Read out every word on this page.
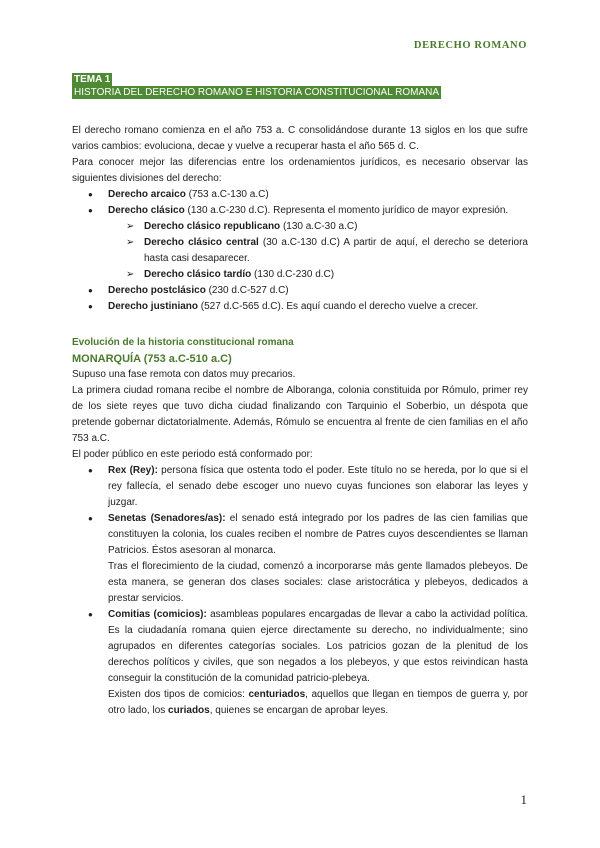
DERECHO ROMANO
TEMA 1
HISTORIA DEL DERECHO ROMANO E HISTORIA CONSTITUCIONAL ROMANA

El derecho romano comienza en el año 753 a. C consolidándose durante 13 siglos en los que sufre varios cambios: evoluciona, decae y vuelve a recuperar hasta el año 565 d. C.

Para conocer mejor las diferencias entre los ordenamientos jurídicos, es necesario observar las siguientes divisiones del derecho:

● Derecho arcaico (753 a.C-130 a.C)
● Derecho clásico (130 a.C-230 d.C). Representa el momento jurídico de mayor expresión.
➢ Derecho clásico republicano (130 a.C-30 a.C)
➢ Derecho clásico central (30 a.C-130 d.C) A partir de aquí, el derecho se deteriora hasta casi desaparecer.
➢ Derecho clásico tardío (130 d.C-230 d.C)
● Derecho postclásico (230 d.C-527 d.C)
● Derecho justiniano (527 d.C-565 d.C). Es aquí cuando el derecho vuelve a crecer.
Evolución de la historia constitucional romana
MONARQUÍA (753 a.C-510 a.C)

Supuso una fase remota con datos muy precarios.

La primera ciudad romana recibe el nombre de Alboranga, colonia constituida por Rómulo, primer rey de los siete reyes que tuvo dicha ciudad finalizando con Tarquinio el Soberbio, un déspota que pretende gobernar dictatorialmente. Además, Rómulo se encuentra al frente de cien familias en el año 753 a.C.

El poder público en este periodo está conformado por:

● Rex (Rey): persona física que ostenta todo el poder. Este título no se hereda, por lo que si el rey fallecía, el senado debe escoger uno nuevo cuyas funciones son elaborar las leyes y juzgar.
● Senetas (Senadores/as): el senado está integrado por los padres de las cien familias que constituyen la colonia, los cuales reciben el nombre de Patres cuyos descendientes se llaman Patricios. Éstos asesoran al monarca.
Tras el florecimiento de la ciudad, comenzó a incorporarse más gente llamados plebeyos. De esta manera, se generan dos clases sociales: clase aristocrática y plebeyos, dedicados a prestar servicios.
● Comitias (comicios): asambleas populares encargadas de llevar a cabo la actividad política. Es la ciudadanía romana quien ejerce directamente su derecho, no individualmente; sino agrupados en diferentes categorías sociales. Los patricios gozan de la plenitud de los derechos políticos y civiles, que son negados a los plebeyos, y que estos reivindican hasta conseguir la constitución de la comunidad patricio-plebeya.
Existen dos tipos de comicios: centuriados, aquellos que llegan en tiempos de guerra y, por otro lado, los curiados, quienes se encargan de aprobar leyes.
1
